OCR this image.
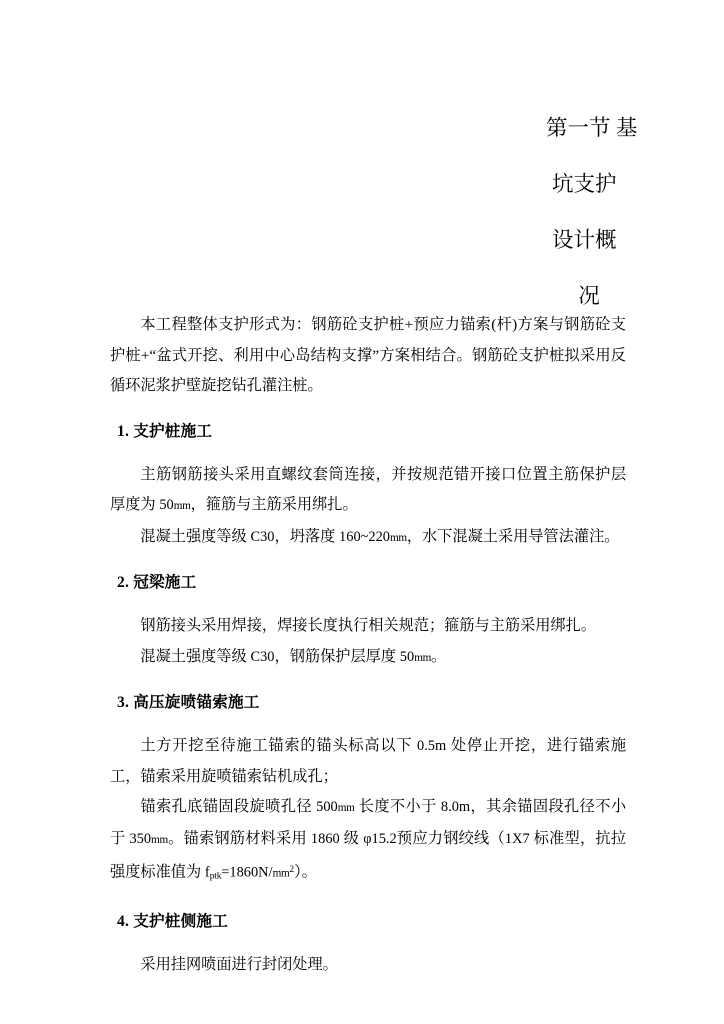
第一节 基
坑支护
设计概
况

本工程整体支护形式为：钢筋砼支护桩+预应力锚索(杆)方案与钢筋砼支护桩+“盆式开挖、利用中心岛结构支撑”方案相结合。钢筋砼支护桩拟采用反循环泥浆护壁旋挖钻孔灌注桩。

1. 支护桩施工

主筋钢筋接头采用直螺纹套筒连接，并按规范错开接口位置主筋保护层厚度为 50mm，箍筋与主筋采用绑扎。

混凝土强度等级 C30，坍落度 160~220mm，水下混凝土采用导管法灌注。

2. 冠梁施工

钢筋接头采用焊接，焊接长度执行相关规范；箍筋与主筋采用绑扎。

混凝土强度等级 C30，钢筋保护层厚度 50mm。

3. 高压旋喷锚索施工

土方开挖至待施工锚索的锚头标高以下 0.5m 处停止开挖，进行锚索施工，锚索采用旋喷锚索钻机成孔；

锚索孔底锚固段旋喷孔径 500mm 长度不小于 8.0m，其余锚固段孔径不小于 350mm。锚索钢筋材料采用 1860 级 φ15.2预应力钢绞线（1X7 标准型，抗拉强度标准值为 $f_{ptk}=1860N/mm^2$）。

4. 支护桩侧施工

采用挂网喷面进行封闭处理。
